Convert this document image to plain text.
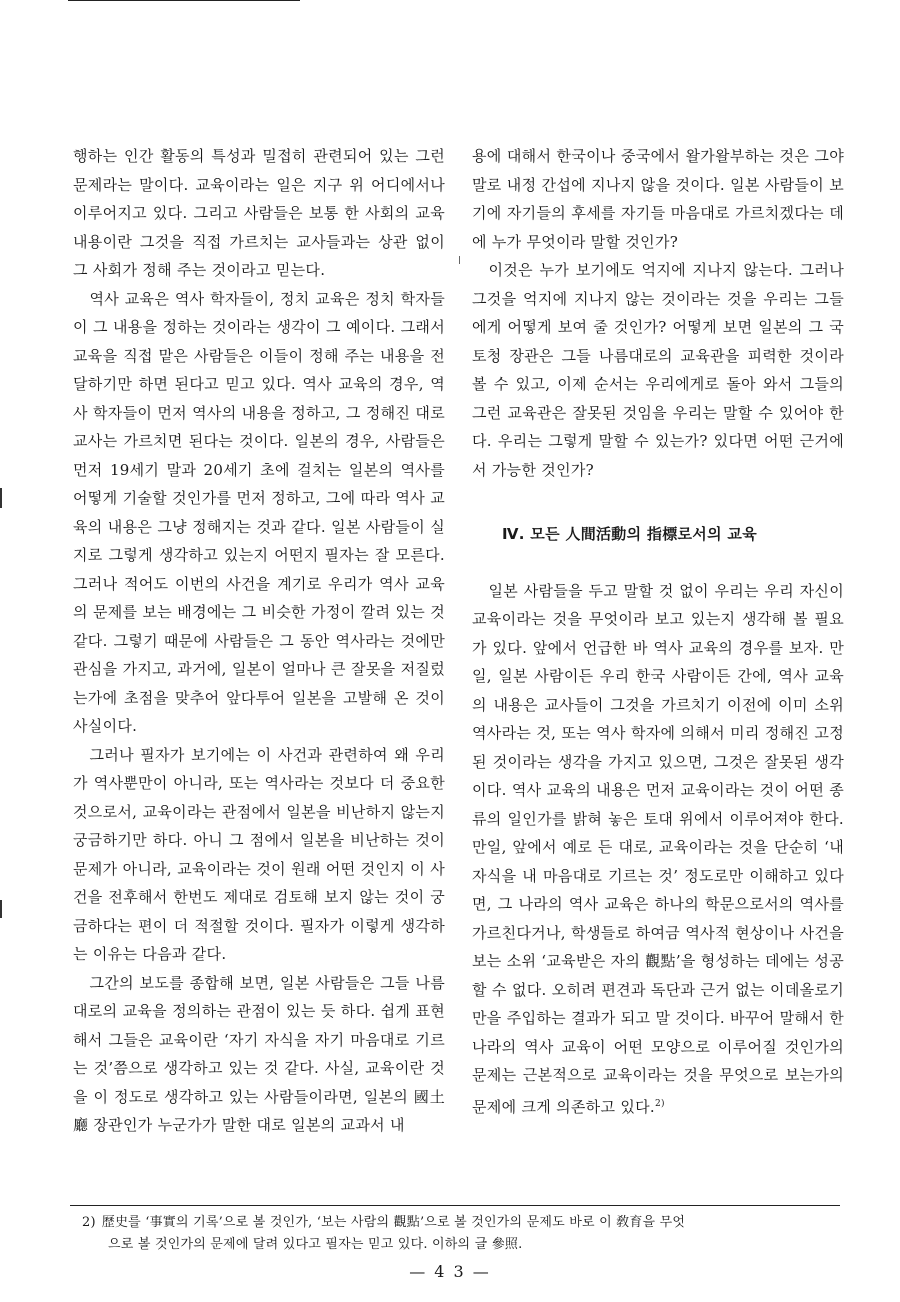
행하는 인간 활동의 특성과 밀접히 관련되어 있는 그런 문제라는 말이다. 교육이라는 일은 지구 위 어디에서나 이루어지고 있다. 그리고 사람들은 보통 한 사회의 교육 내용이란 그것을 직접 가르치는 교사들과는 상관 없이 그 사회가 정해 주는 것이라고 믿는다.

역사 교육은 역사 학자들이, 정치 교육은 정치 학자들이 그 내용을 정하는 것이라는 생각이 그 예이다. 그래서 교육을 직접 맡은 사람들은 이들이 정해 주는 내용을 전달하기만 하면 된다고 믿고 있다. 역사 교육의 경우, 역사 학자들이 먼저 역사의 내용을 정하고, 그 정해진 대로 교사는 가르치면 된다는 것이다. 일본의 경우, 사람들은 먼저 19세기 말과 20세기 초에 걸치는 일본의 역사를 어떻게 기술할 것인가를 먼저 정하고, 그에 따라 역사 교육의 내용은 그냥 정해지는 것과 같다. 일본 사람들이 실지로 그렇게 생각하고 있는지 어떤지 필자는 잘 모른다. 그러나 적어도 이번의 사건을 계기로 우리가 역사 교육의 문제를 보는 배경에는 그 비슷한 가정이 깔려 있는 것 같다. 그렇기 때문에 사람들은 그 동안 역사라는 것에만 관심을 가지고, 과거에, 일본이 얼마나 큰 잘못을 저질렀는가에 초점을 맞추어 앞다투어 일본을 고발해 온 것이 사실이다.

그러나 필자가 보기에는 이 사건과 관련하여 왜 우리가 역사뿐만이 아니라, 또는 역사라는 것보다 더 중요한 것으로서, 교육이라는 관점에서 일본을 비난하지 않는지 궁금하기만 하다. 아니 그 점에서 일본을 비난하는 것이 문제가 아니라, 교육이라는 것이 원래 어떤 것인지 이 사건을 전후해서 한번도 제대로 검토해 보지 않는 것이 궁금하다는 편이 더 적절할 것이다. 필자가 이렇게 생각하는 이유는 다음과 같다.

그간의 보도를 종합해 보면, 일본 사람들은 그들 나름대로의 교육을 정의하는 관점이 있는 듯 하다. 쉽게 표현해서 그들은 교육이란 ‘자기 자식을 자기 마음대로 기르는 것’쯤으로 생각하고 있는 것 같다. 사실, 교육이란 것을 이 정도로 생각하고 있는 사람들이라면, 일본의 國土廳 장관인가 누군가가 말한 대로 일본의 교과서 내

용에 대해서 한국이나 중국에서 왈가왈부하는 것은 그야말로 내정 간섭에 지나지 않을 것이다. 일본 사람들이 보기에 자기들의 후세를 자기들 마음대로 가르치겠다는 데에 누가 무엇이라 말할 것인가?

이것은 누가 보기에도 억지에 지나지 않는다. 그러나 그것을 억지에 지나지 않는 것이라는 것을 우리는 그들에게 어떻게 보여 줄 것인가? 어떻게 보면 일본의 그 국토청 장관은 그들 나름대로의 교육관을 피력한 것이라 볼 수 있고, 이제 순서는 우리에게로 돌아 와서 그들의 그런 교육관은 잘못된 것임을 우리는 말할 수 있어야 한다. 우리는 그렇게 말할 수 있는가? 있다면 어떤 근거에서 가능한 것인가?

Ⅳ. 모든 人間活動의 指標로서의 교육

일본 사람들을 두고 말할 것 없이 우리는 우리 자신이 교육이라는 것을 무엇이라 보고 있는지 생각해 볼 필요가 있다. 앞에서 언급한 바 역사 교육의 경우를 보자. 만일, 일본 사람이든 우리 한국 사람이든 간에, 역사 교육의 내용은 교사들이 그것을 가르치기 이전에 이미 소위 역사라는 것, 또는 역사 학자에 의해서 미리 정해진 고정된 것이라는 생각을 가지고 있으면, 그것은 잘못된 생각이다. 역사 교육의 내용은 먼저 교육이라는 것이 어떤 종류의 일인가를 밝혀 놓은 토대 위에서 이루어져야 한다. 만일, 앞에서 예로 든 대로, 교육이라는 것을 단순히 ‘내 자식을 내 마음대로 기르는 것’ 정도로만 이해하고 있다면, 그 나라의 역사 교육은 하나의 학문으로서의 역사를 가르친다거나, 학생들로 하여금 역사적 현상이나 사건을 보는 소위 ‘교육받은 자의 觀點’을 형성하는 데에는 성공할 수 없다. 오히려 편견과 독단과 근거 없는 이데올로기만을 주입하는 결과가 되고 말 것이다. 바꾸어 말해서 한 나라의 역사 교육이 어떤 모양으로 이루어질 것인가의 문제는 근본적으로 교육이라는 것을 무엇으로 보는가의 문제에 크게 의존하고 있다.$^{2)}$

2) 歷史를 ‘事實의 기록’으로 볼 것인가, ‘보는 사람의 觀點’으로 볼 것인가의 문제도 바로 이 敎育을 무엇
으로 볼 것인가의 문제에 달려 있다고 필자는 믿고 있다. 이하의 글 參照.
— 4 3 —
